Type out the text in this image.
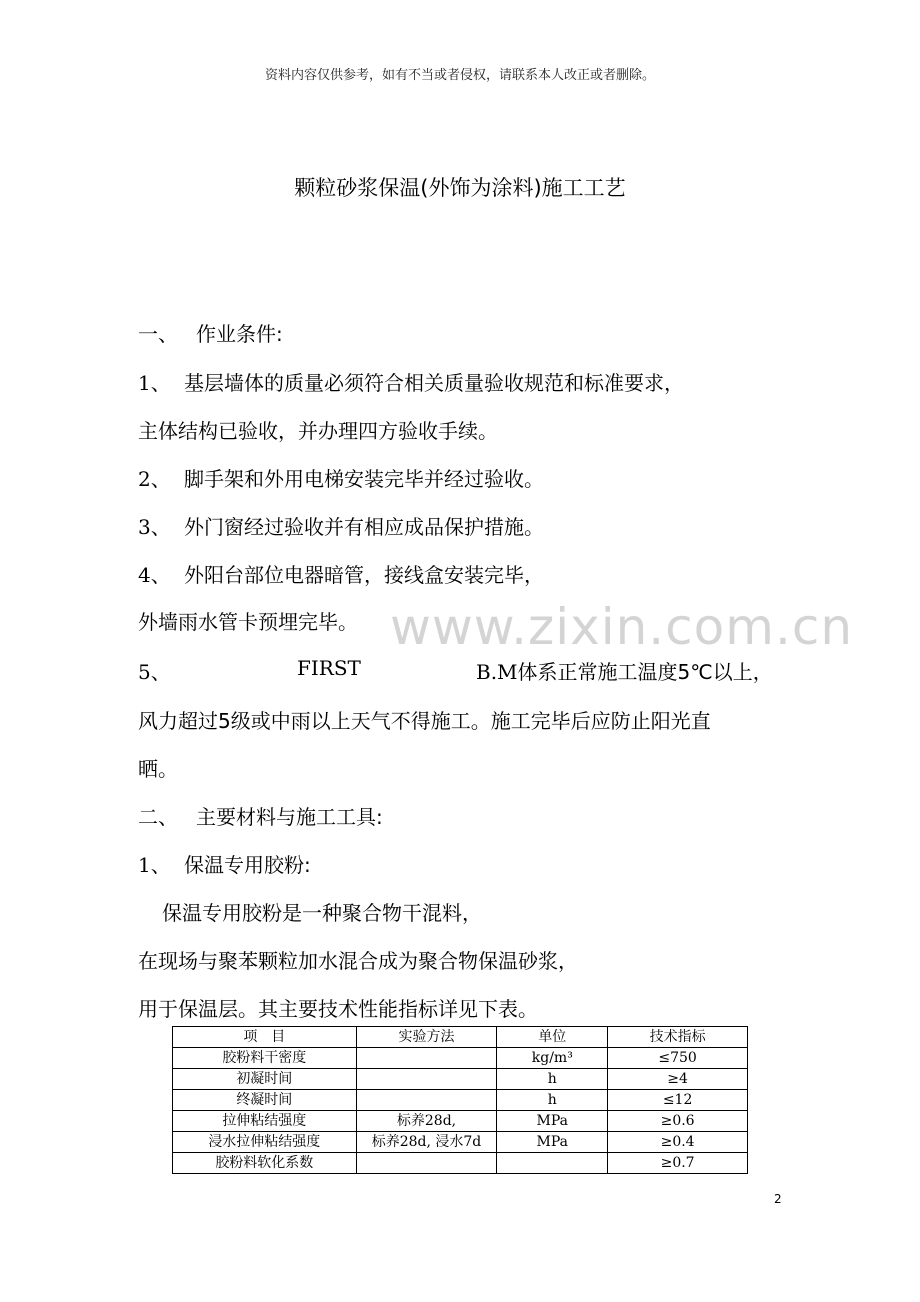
www.zixin.com.cn
资料内容仅供参考，如有不当或者侵权，请联系本人改正或者删除。
颗粒砂浆保温(外饰为涂料)施工工艺
一、 作业条件:
1、 基层墙体的质量必须符合相关质量验收规范和标准要求，
主体结构已验收，并办理四方验收手续。
2、 脚手架和外用电梯安装完毕并经过验收。
3、 外门窗经过验收并有相应成品保护措施。
4、 外阳台部位电器暗管，接线盒安装完毕，
外墙雨水管卡预埋完毕。
5、	FIRST	B.M体系正常施工温度5℃以上，
风力超过5级或中雨以上天气不得施工。施工完毕后应防止阳光直
晒。
二、 主要材料与施工工具:
1、 保温专用胶粉:
保温专用胶粉是一种聚合物干混料，
在现场与聚苯颗粒加水混合成为聚合物保温砂浆，
用于保温层。其主要技术性能指标详见下表。
项　目	实验方法	单位	技术指标
胶粉料干密度		kg/m³	≤750
初凝时间		h	≥4
终凝时间		h	≤12
拉伸粘结强度	标养28d,	MPa	≥0.6
浸水拉伸粘结强度	标养28d, 浸水7d	MPa	≥0.4
胶粉料软化系数			≥0.7
2
